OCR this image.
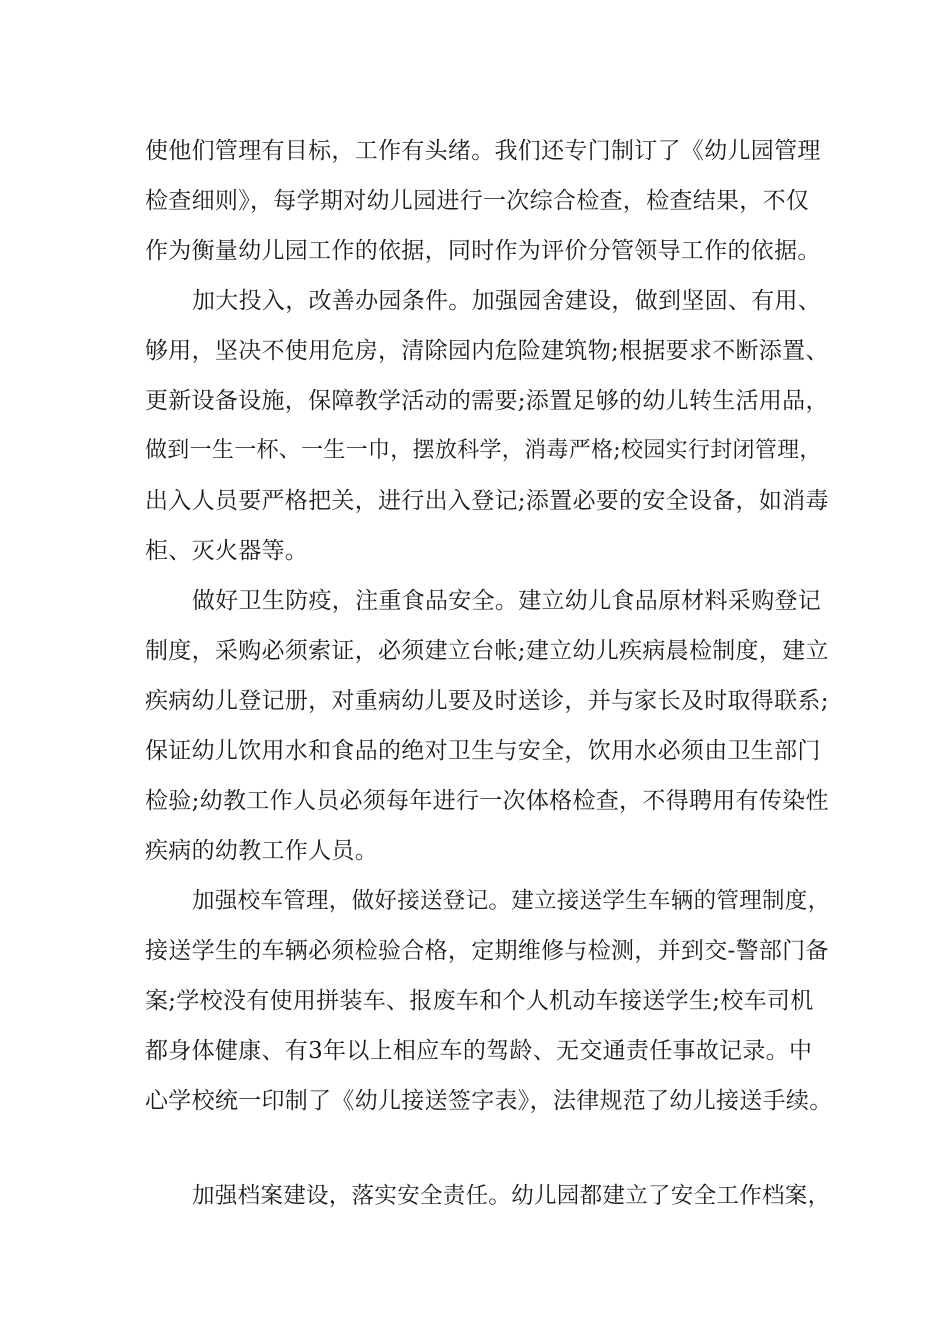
使他们管理有目标，工作有头绪。我们还专门制订了《幼儿园管理
检查细则》，每学期对幼儿园进行一次综合检查，检查结果，不仅
作为衡量幼儿园工作的依据，同时作为评价分管领导工作的依据。
加大投入，改善办园条件。加强园舍建设，做到坚固、有用、
够用，坚决不使用危房，清除园内危险建筑物;根据要求不断添置、
更新设备设施，保障教学活动的需要;添置足够的幼儿转生活用品，
做到一生一杯、一生一巾，摆放科学，消毒严格;校园实行封闭管理，
出入人员要严格把关，进行出入登记;添置必要的安全设备，如消毒
柜、灭火器等。
做好卫生防疫，注重食品安全。建立幼儿食品原材料采购登记
制度，采购必须索证，必须建立台帐;建立幼儿疾病晨检制度，建立
疾病幼儿登记册，对重病幼儿要及时送诊，并与家长及时取得联系;
保证幼儿饮用水和食品的绝对卫生与安全，饮用水必须由卫生部门
检验;幼教工作人员必须每年进行一次体格检查，不得聘用有传染性
疾病的幼教工作人员。
加强校车管理，做好接送登记。建立接送学生车辆的管理制度，
接送学生的车辆必须检验合格，定期维修与检测，并到交-警部门备
案;学校没有使用拼装车、报废车和个人机动车接送学生;校车司机
都身体健康、有3年以上相应车的驾龄、无交通责任事故记录。中
心学校统一印制了《幼儿接送签字表》，法律规范了幼儿接送手续。
加强档案建设，落实安全责任。幼儿园都建立了安全工作档案，
